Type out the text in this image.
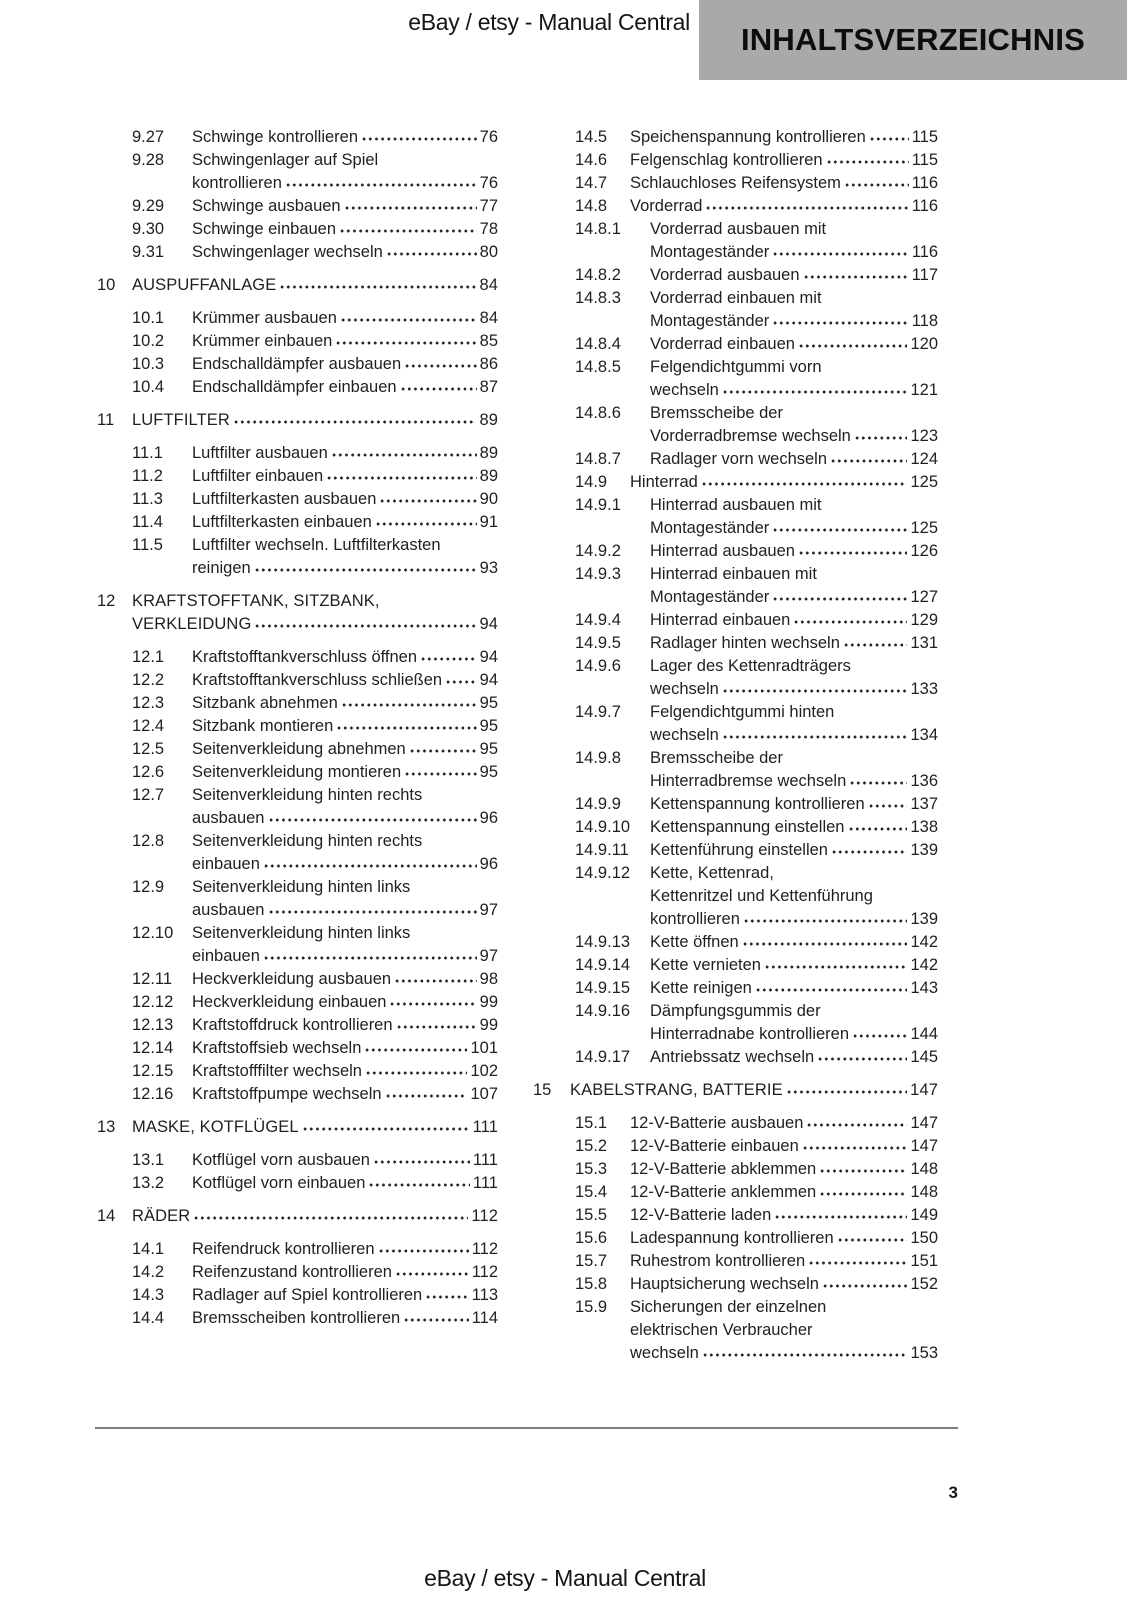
eBay / etsy - Manual Central INHALTSVERZEICHNIS
9.27	Schwinge kontrollieren	76
9.28	Schwingenlager auf Spiel
kontrollieren	76
9.29	Schwinge ausbauen	77
9.30	Schwinge einbauen	78
9.31	Schwingenlager wechseln	80
10	AUSPUFFANLAGE	84
10.1	Krümmer ausbauen	84
10.2	Krümmer einbauen	85
10.3	Endschalldämpfer ausbauen	86
10.4	Endschalldämpfer einbauen	87
11	LUFTFILTER	89
11.1	Luftfilter ausbauen	89
11.2	Luftfilter einbauen	89
11.3	Luftfilterkasten ausbauen	90
11.4	Luftfilterkasten einbauen	91
11.5	Luftfilter wechseln. Luftfilterkasten
reinigen	93
12	KRAFTSTOFFTANK, SITZBANK,
VERKLEIDUNG	94
12.1	Kraftstofftankverschluss öffnen	94
12.2	Kraftstofftankverschluss schließen 94
12.3	Sitzbank abnehmen	95
12.4	Sitzbank montieren	95
12.5	Seitenverkleidung abnehmen	95
12.6	Seitenverkleidung montieren	95
12.7	Seitenverkleidung hinten rechts
ausbauen	96
12.8	Seitenverkleidung hinten rechts
einbauen	96
12.9	Seitenverkleidung hinten links
ausbauen	97
12.10	Seitenverkleidung hinten links
einbauen	97
12.11	Heckverkleidung ausbauen	98
12.12	Heckverkleidung einbauen	99
12.13	Kraftstoffdruck kontrollieren	99
12.14	Kraftstoffsieb wechseln	101
12.15	Kraftstofffilter wechseln	102
12.16	Kraftstoffpumpe wechseln	107
13	MASKE, KOTFLÜGEL	111
13.1	Kotflügel vorn ausbauen	111
13.2	Kotflügel vorn einbauen	111
14	RÄDER	112
14.1	Reifendruck kontrollieren	112
14.2	Reifenzustand kontrollieren	112
14.3	Radlager auf Spiel kontrollieren	113
14.4	Bremsscheiben kontrollieren	114
14.5	Speichenspannung kontrollieren	115
14.6	Felgenschlag kontrollieren	115
14.7	Schlauchloses Reifensystem	116
14.8	Vorderrad	116
14.8.1	Vorderrad ausbauen mit
Montageständer	116
14.8.2	Vorderrad ausbauen	117
14.8.3	Vorderrad einbauen mit
Montageständer	118
14.8.4	Vorderrad einbauen	120
14.8.5	Felgendichtgummi vorn
wechseln	121
14.8.6	Bremsscheibe der
Vorderradbremse wechseln	123
14.8.7	Radlager vorn wechseln	124
14.9	Hinterrad	125
14.9.1	Hinterrad ausbauen mit
Montageständer	125
14.9.2	Hinterrad ausbauen	126
14.9.3	Hinterrad einbauen mit
Montageständer	127
14.9.4	Hinterrad einbauen	129
14.9.5	Radlager hinten wechseln	131
14.9.6	Lager des Kettenradträgers
wechseln	133
14.9.7	Felgendichtgummi hinten
wechseln	134
14.9.8	Bremsscheibe der
Hinterradbremse wechseln	136
14.9.9	Kettenspannung kontrollieren	137
14.9.10	Kettenspannung einstellen	138
14.9.11	Kettenführung einstellen	139
14.9.12	Kette, Kettenrad,
Kettenritzel und Kettenführung
kontrollieren	139
14.9.13	Kette öffnen	142
14.9.14	Kette vernieten	142
14.9.15	Kette reinigen	143
14.9.16	Dämpfungsgummis der
Hinterradnabe kontrollieren	144
14.9.17	Antriebssatz wechseln	145
15	KABELSTRANG, BATTERIE	147
15.1	12-V-Batterie ausbauen	147
15.2	12-V-Batterie einbauen	147
15.3	12-V-Batterie abklemmen	148
15.4	12-V-Batterie anklemmen	148
15.5	12-V-Batterie laden	149
15.6	Ladespannung kontrollieren	150
15.7	Ruhestrom kontrollieren	151
15.8	Hauptsicherung wechseln	152
15.9	Sicherungen der einzelnen
elektrischen Verbraucher
wechseln	153
3
eBay / etsy - Manual Central
